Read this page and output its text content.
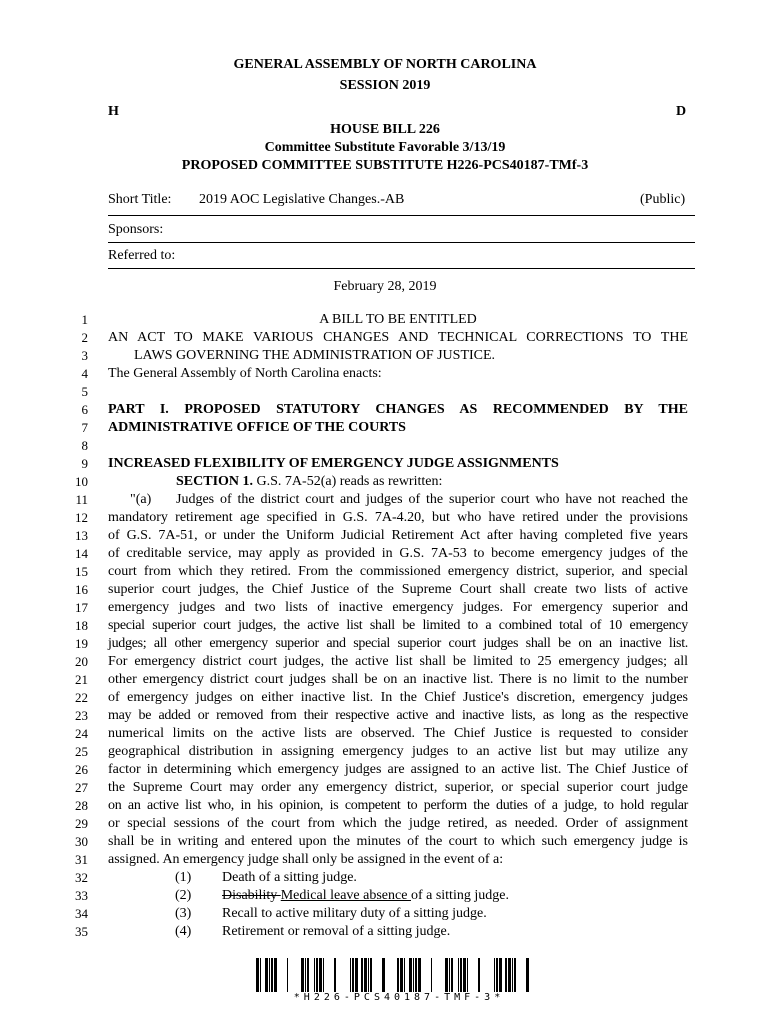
GENERAL ASSEMBLY OF NORTH CAROLINA
SESSION 2019
H	D
HOUSE BILL 226
Committee Substitute Favorable 3/13/19
PROPOSED COMMITTEE SUBSTITUTE H226-PCS40187-TMf-3
Short Title: 2019 AOC Legislative Changes.-AB	(Public)
Sponsors:
Referred to:
February 28, 2019
1
2
3
4
5
6
7
8
9
10
11
12
13
14
15
16
17
18
19
20
21
22
23
24
25
26
27
28
29
30
31
32
33
34
35
A BILL TO BE ENTITLED
AN ACT TO MAKE VARIOUS CHANGES AND TECHNICAL CORRECTIONS TO THE
LAWS GOVERNING THE ADMINISTRATION OF JUSTICE.
The General Assembly of North Carolina enacts:
PART I. PROPOSED STATUTORY CHANGES AS RECOMMENDED BY THE
ADMINISTRATIVE OFFICE OF THE COURTS
INCREASED FLEXIBILITY OF EMERGENCY JUDGE ASSIGNMENTS
SECTION 1. G.S. 7A-52(a) reads as rewritten:
"(a)	Judges of the district court and judges of the superior court who have not reached the
mandatory retirement age specified in G.S. 7A-4.20, but who have retired under the provisions
of G.S. 7A-51, or under the Uniform Judicial Retirement Act after having completed five years
of creditable service, may apply as provided in G.S. 7A-53 to become emergency judges of the
court from which they retired. From the commissioned emergency district, superior, and special
superior court judges, the Chief Justice of the Supreme Court shall create two lists of active
emergency judges and two lists of inactive emergency judges. For emergency superior and
special superior court judges, the active list shall be limited to a combined total of 10 emergency
judges; all other emergency superior and special superior court judges shall be on an inactive list.
For emergency district court judges, the active list shall be limited to 25 emergency judges; all
other emergency district court judges shall be on an inactive list. There is no limit to the number
of emergency judges on either inactive list. In the Chief Justice's discretion, emergency judges
may be added or removed from their respective active and inactive lists, as long as the respective
numerical limits on the active lists are observed. The Chief Justice is requested to consider
geographical distribution in assigning emergency judges to an active list but may utilize any
factor in determining which emergency judges are assigned to an active list. The Chief Justice of
the Supreme Court may order any emergency district, superior, or special superior court judge
on an active list who, in his opinion, is competent to perform the duties of a judge, to hold regular
or special sessions of the court from which the judge retired, as needed. Order of assignment
shall be in writing and entered upon the minutes of the court to which such emergency judge is
assigned. An emergency judge shall only be assigned in the event of a:
(1)	Death of a sitting judge.
(2)	Disability Medical leave absence of a sitting judge.
(3)	Recall to active military duty of a sitting judge.
(4)	Retirement or removal of a sitting judge.
*H226-PCS40187-TMF-3*
